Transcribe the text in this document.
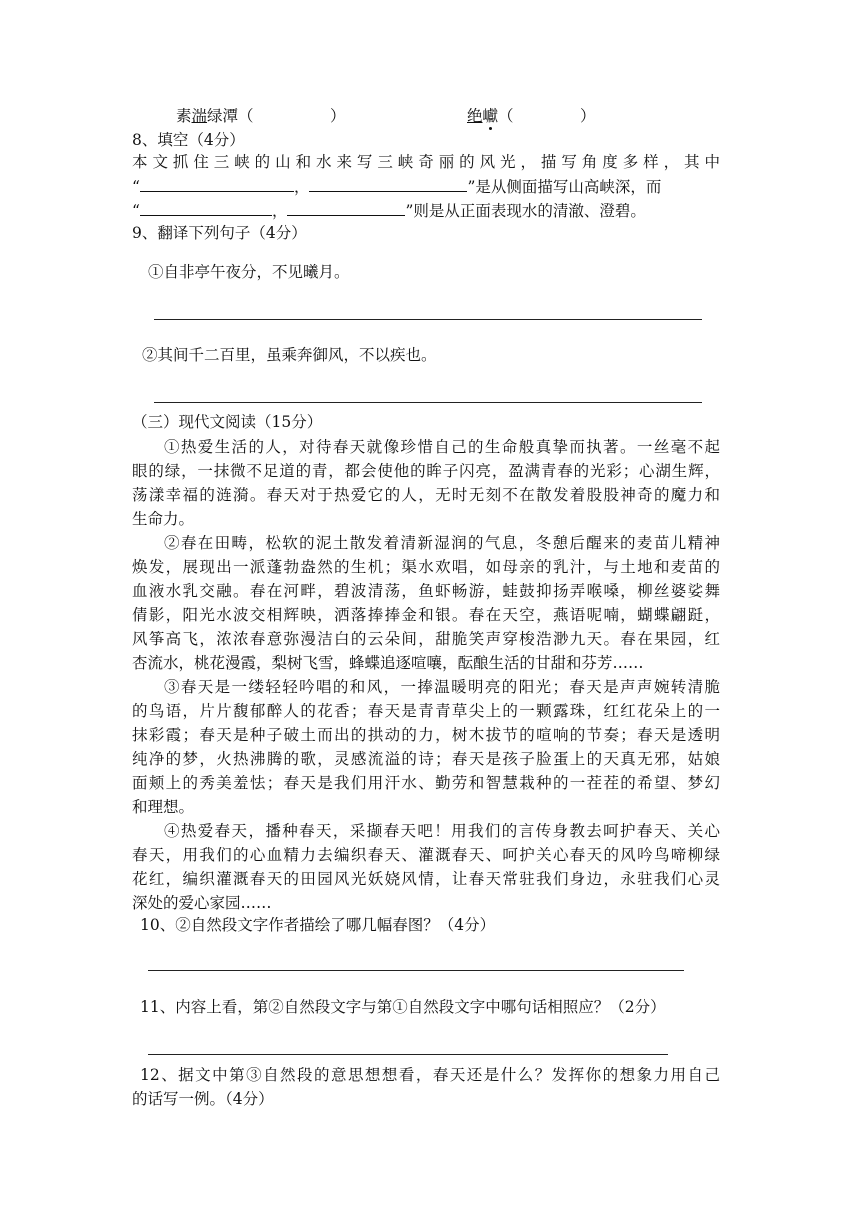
素湍绿潭（	）	绝巘（	）
8、填空（4分）
本文抓住三峡的山和水来写三峡奇丽的风光，描写角度多样，其中
“	，	”是从侧面描写山高峡深，而
“	，	”则是从正面表现水的清澈、澄碧。
9、翻译下列句子（4分）
①自非亭午夜分，不见曦月。
②其间千二百里，虽乘奔御风，不以疾也。
（三）现代文阅读（15分）
①热爱生活的人，对待春天就像珍惜自己的生命般真挚而执著。一丝毫不起
眼的绿，一抹微不足道的青，都会使他的眸子闪亮，盈满青春的光彩；心湖生辉，
荡漾幸福的涟漪。春天对于热爱它的人，无时无刻不在散发着股股神奇的魔力和
生命力。
②春在田畴，松软的泥土散发着清新湿润的气息，冬憩后醒来的麦苗儿精神
焕发，展现出一派蓬勃盎然的生机；渠水欢唱，如母亲的乳汁，与土地和麦苗的
血液水乳交融。春在河畔，碧波清荡，鱼虾畅游，蛙鼓抑扬弄喉嗓，柳丝婆娑舞
倩影，阳光水波交相辉映，洒落捧捧金和银。春在天空，燕语呢喃，蝴蝶翩跹，
风筝高飞，浓浓春意弥漫洁白的云朵间，甜脆笑声穿梭浩渺九天。春在果园，红
杏流水，桃花漫霞，梨树飞雪，蜂蝶追逐喧嚷，酝酿生活的甘甜和芬芳……
③春天是一缕轻轻吟唱的和风，一捧温暖明亮的阳光；春天是声声婉转清脆
的鸟语，片片馥郁醉人的花香；春天是青青草尖上的一颗露珠，红红花朵上的一
抹彩霞；春天是种子破土而出的拱动的力，树木拔节的喧响的节奏；春天是透明
纯净的梦，火热沸腾的歌，灵感流溢的诗；春天是孩子脸蛋上的天真无邪，姑娘
面颊上的秀美羞怯；春天是我们用汗水、勤劳和智慧栽种的一茬茬的希望、梦幻
和理想。
④热爱春天，播种春天，采撷春天吧！用我们的言传身教去呵护春天、关心
春天，用我们的心血精力去编织春天、灌溉春天、呵护关心春天的风吟鸟啼柳绿
花红，编织灌溉春天的田园风光妖娆风情，让春天常驻我们身边，永驻我们心灵
深处的爱心家园……
10、②自然段文字作者描绘了哪几幅春图？（4分）
11、内容上看，第②自然段文字与第①自然段文字中哪句话相照应？（2分）
12、据文中第③自然段的意思想想看，春天还是什么？发挥你的想象力用自己
的话写一例。（4分）
